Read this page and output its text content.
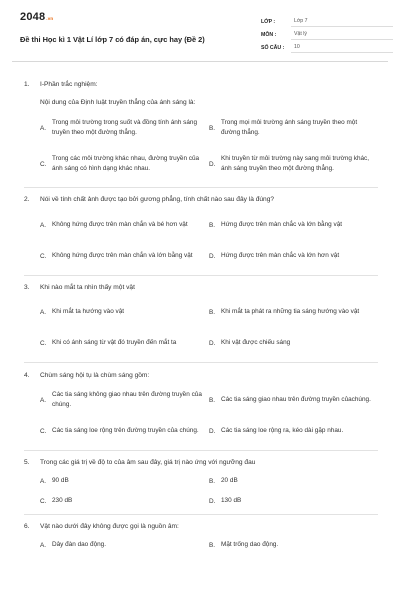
2048.vn
Đề thi Học kì 1 Vật Lí lớp 7 có đáp án, cực hay (Đề 2)
LỚP :	Lớp 7
MÔN :	Vật lý
SỐ CÂU :	10
1.	I-Phần trắc nghiệm:
Nội dung của Định luật truyền thẳng của ánh sáng là:
A.
Trong môi trường trong suốt và đồng tính ánh sáng truyền theo một đường thẳng.
B.
Trong mọi môi trường ánh sáng truyền theo một đường thẳng.
C.
Trong các môi trường khác nhau, đường truyền của ánh sáng có hình dạng khác nhau.
D.
Khi truyền từ môi trường này sang môi trường khác, ánh sáng truyền theo một đường thẳng.
2.	Nói về tính chất ảnh được tạo bởi gương phẳng, tính chất nào sau đây là đúng?
A. Không hứng được trên màn chắn và bé hơn vật	B. Hứng được trên màn chắc và lớn bằng vật
C. Không hứng được trên màn chắn và lớn bằng vật	D. Hứng được trên màn chắc và lớn hơn vật
3.	Khi nào mắt ta nhìn thấy một vật
A. Khi mắt ta hướng vào vật	B. Khi mắt ta phát ra những tia sáng hướng vào vật
C. Khi có ánh sáng từ vật đó truyền đến mắt ta	D. Khi vật được chiếu sáng
4.	Chùm sáng hội tụ là chùm sáng gồm:
A.
Các tia sáng không giao nhau trên đường truyền của chúng.
B. Các tia sáng giao nhau trên đường truyền củachúng.
C. Các tia sáng loe rộng trên đường truyền của chúng.	D. Các tia sáng loe rộng ra, kéo dài gặp nhau.
5.	Trong các giá trị về độ to của âm sau đây, giá trị nào ứng với ngưỡng đau
A. 90 dB	B. 20 dB
C. 230 dB	D. 130 dB
6.	Vật nào dưới đây không được gọi là nguồn âm:
A. Dây đàn dao động.	B. Mặt trống dao động.
